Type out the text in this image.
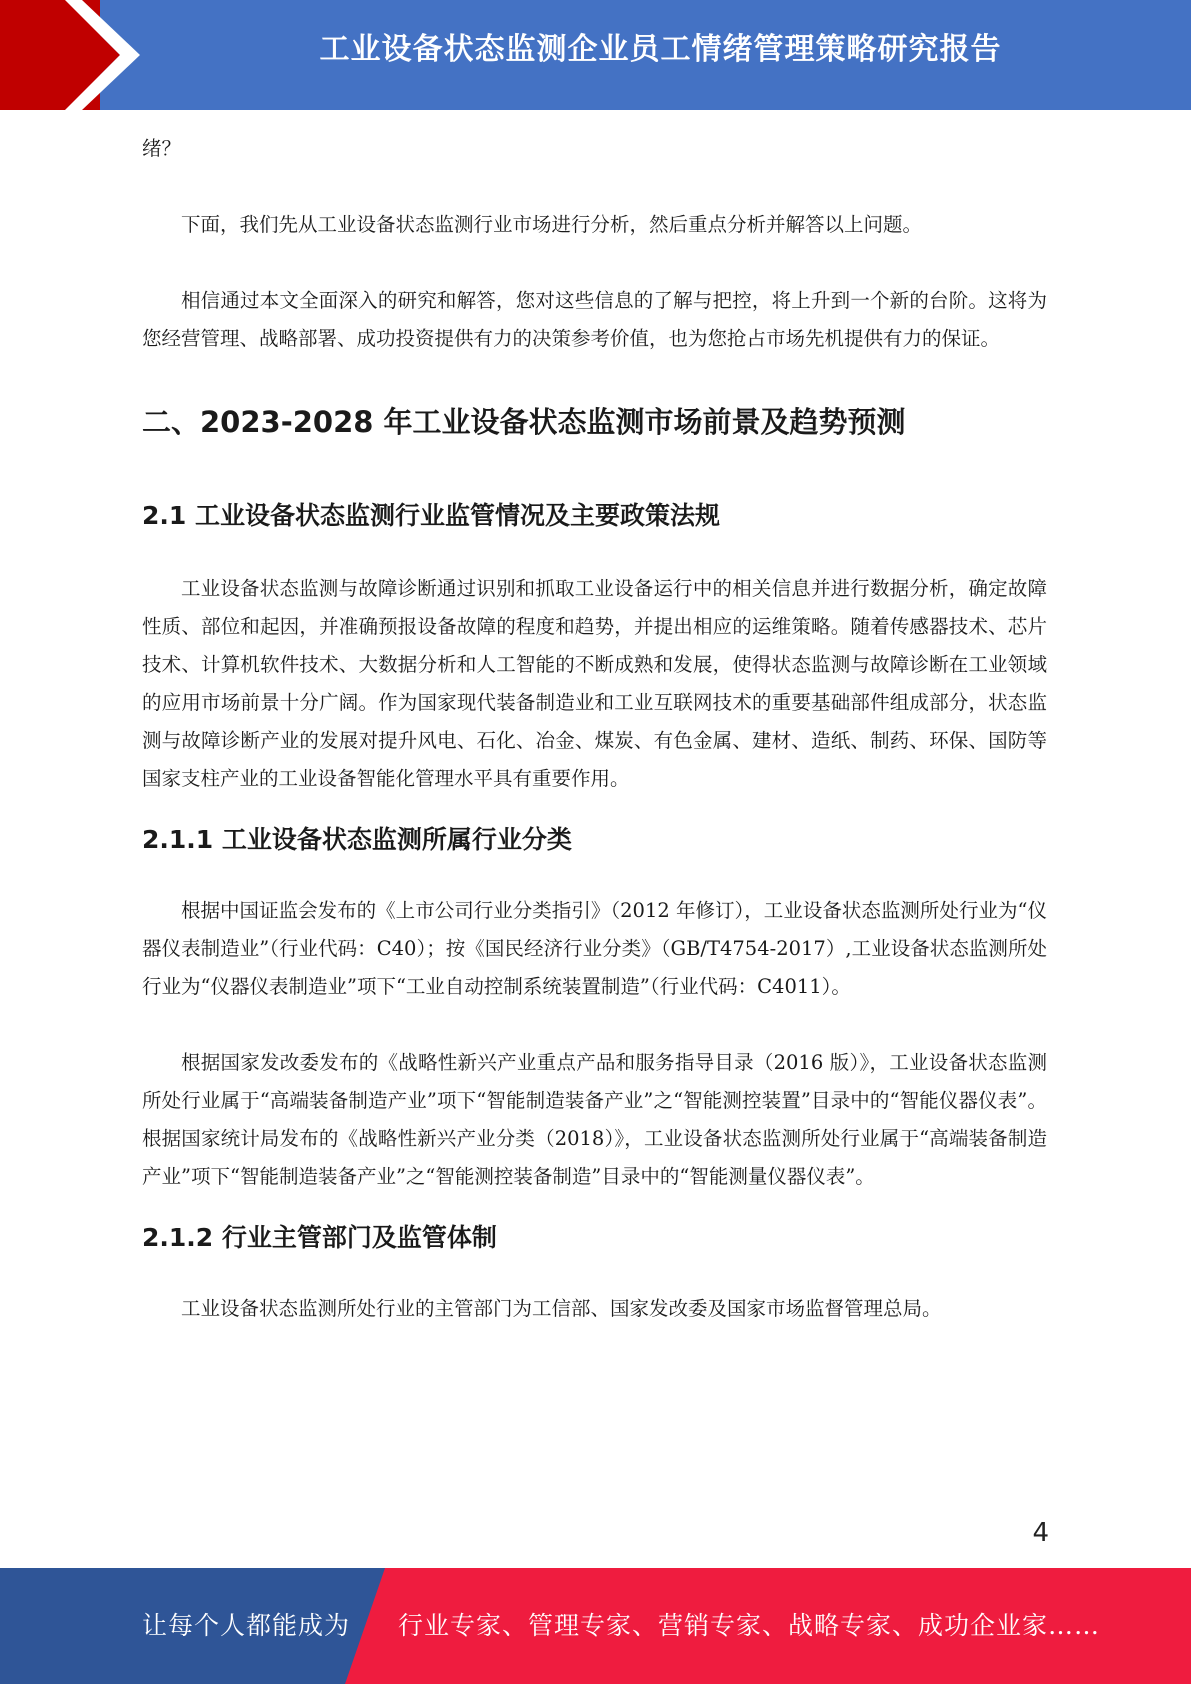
工业设备状态监测企业员工情绪管理策略研究报告

绪？

下面，我们先从工业设备状态监测行业市场进行分析，然后重点分析并解答以上问题。

相信通过本文全面深入的研究和解答，您对这些信息的了解与把控，将上升到一个新的台阶。这将为您经营管理、战略部署、成功投资提供有力的决策参考价值，也为您抢占市场先机提供有力的保证。

二、2023-2028 年工业设备状态监测市场前景及趋势预测
2.1 工业设备状态监测行业监管情况及主要政策法规

工业设备状态监测与故障诊断通过识别和抓取工业设备运行中的相关信息并进行数据分析，确定故障性质、部位和起因，并准确预报设备故障的程度和趋势，并提出相应的运维策略。随着传感器技术、芯片技术、计算机软件技术、大数据分析和人工智能的不断成熟和发展，使得状态监测与故障诊断在工业领域的应用市场前景十分广阔。作为国家现代装备制造业和工业互联网技术的重要基础部件组成部分，状态监测与故障诊断产业的发展对提升风电、石化、冶金、煤炭、有色金属、建材、造纸、制药、环保、国防等国家支柱产业的工业设备智能化管理水平具有重要作用。

2.1.1 工业设备状态监测所属行业分类

根据中国证监会发布的《上市公司行业分类指引》（2012 年修订），工业设备状态监测所处行业为“仪器仪表制造业”（行业代码：C40）；按《国民经济行业分类》（GB/T4754-2017）,工业设备状态监测所处行业为“仪器仪表制造业”项下“工业自动控制系统装置制造”（行业代码：C4011）。

根据国家发改委发布的《战略性新兴产业重点产品和服务指导目录（2016 版）》，工业设备状态监测所处行业属于“高端装备制造产业”项下“智能制造装备产业”之“智能测控装置”目录中的“智能仪器仪表”。根据国家统计局发布的《战略性新兴产业分类（2018）》，工业设备状态监测所处行业属于“高端装备制造产业”项下“智能制造装备产业”之“智能测控装备制造”目录中的“智能测量仪器仪表”。

2.1.2 行业主管部门及监管体制

工业设备状态监测所处行业的主管部门为工信部、国家发改委及国家市场监督管理总局。

4
让每个人都能成为 行业专家、管理专家、营销专家、战略专家、成功企业家……
